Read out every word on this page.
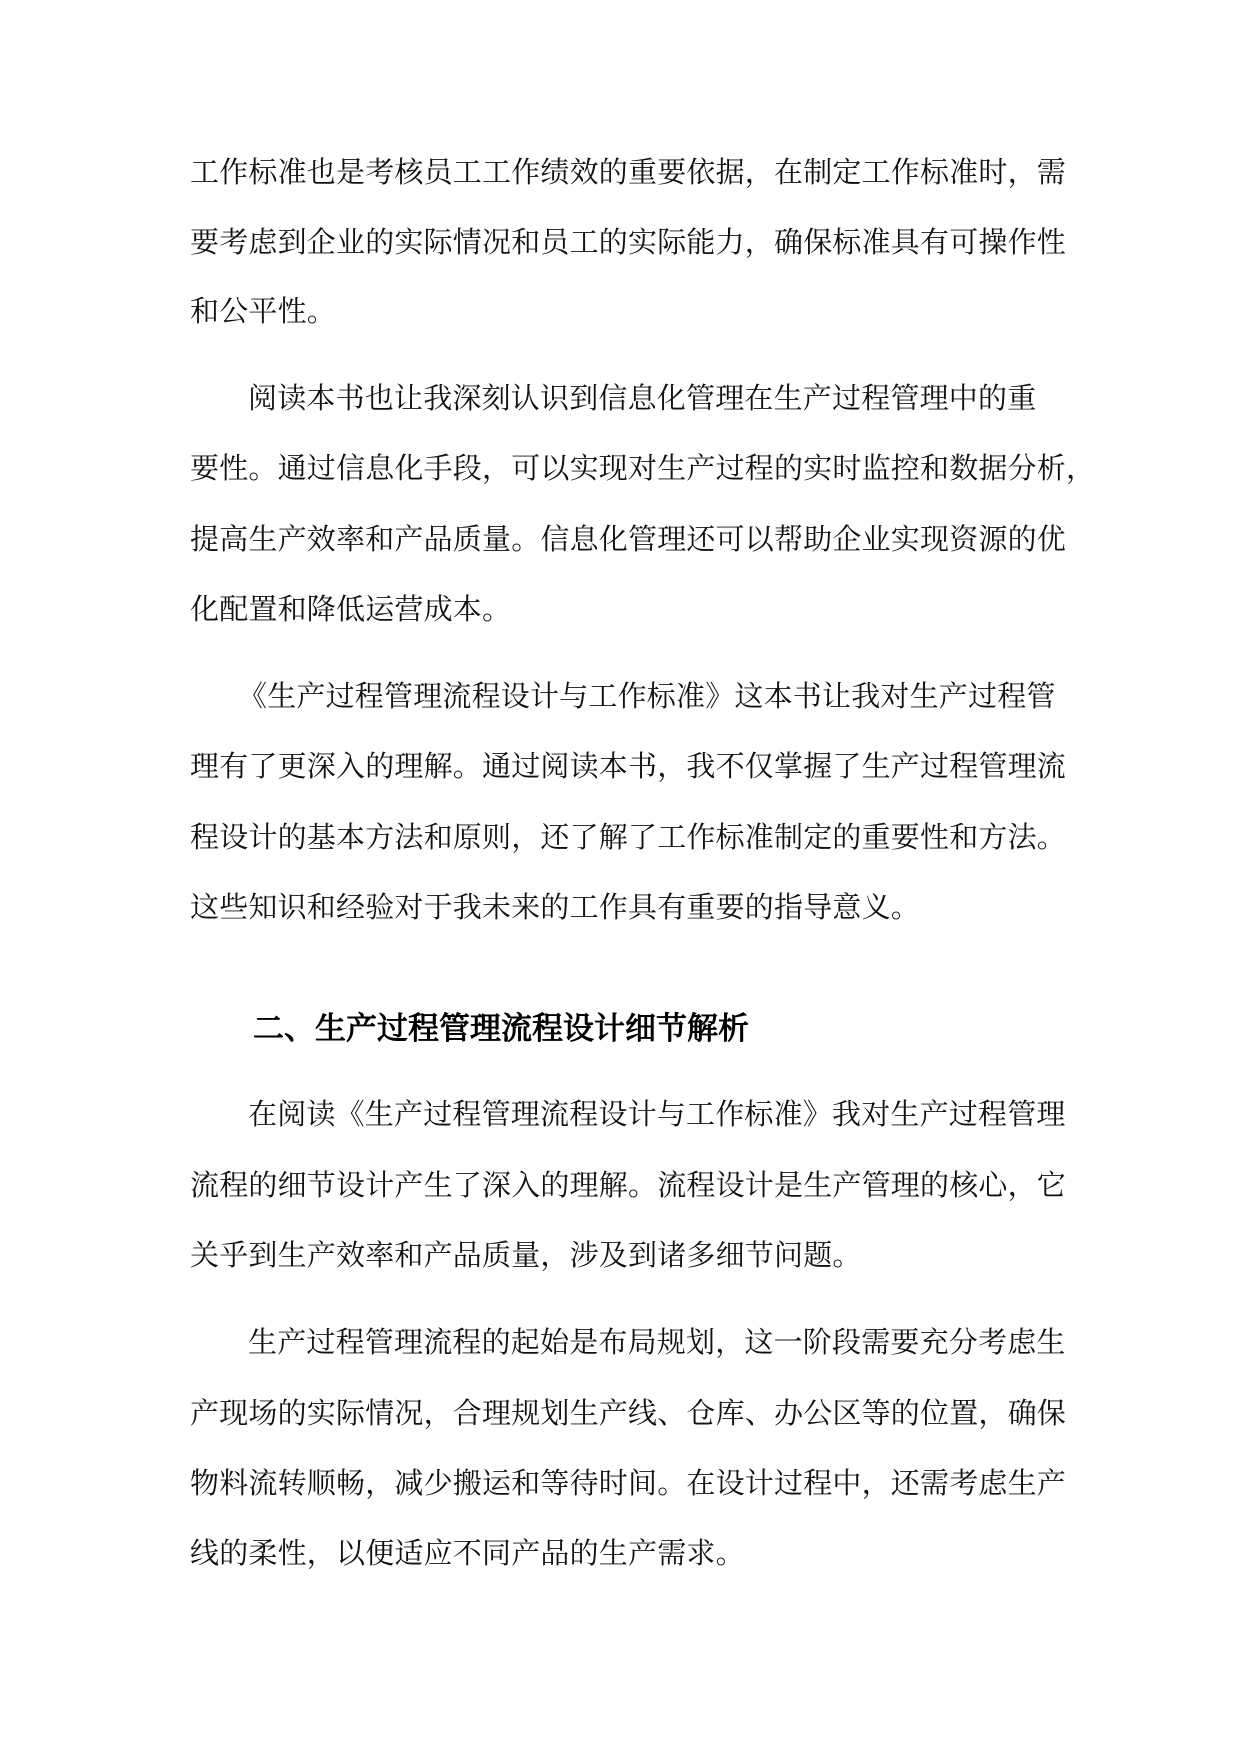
工作标准也是考核员工工作绩效的重要依据，在制定工作标准时，需
要考虑到企业的实际情况和员工的实际能力，确保标准具有可操作性
和公平性。
阅读本书也让我深刻认识到信息化管理在生产过程管理中的重
要性。通过信息化手段，可以实现对生产过程的实时监控和数据分析，
提高生产效率和产品质量。信息化管理还可以帮助企业实现资源的优
化配置和降低运营成本。
《生产过程管理流程设计与工作标准》这本书让我对生产过程管
理有了更深入的理解。通过阅读本书，我不仅掌握了生产过程管理流
程设计的基本方法和原则，还了解了工作标准制定的重要性和方法。
这些知识和经验对于我未来的工作具有重要的指导意义。
二、生产过程管理流程设计细节解析
在阅读《生产过程管理流程设计与工作标准》我对生产过程管理
流程的细节设计产生了深入的理解。流程设计是生产管理的核心，它
关乎到生产效率和产品质量，涉及到诸多细节问题。
生产过程管理流程的起始是布局规划，这一阶段需要充分考虑生
产现场的实际情况，合理规划生产线、仓库、办公区等的位置，确保
物料流转顺畅，减少搬运和等待时间。在设计过程中，还需考虑生产
线的柔性，以便适应不同产品的生产需求。
